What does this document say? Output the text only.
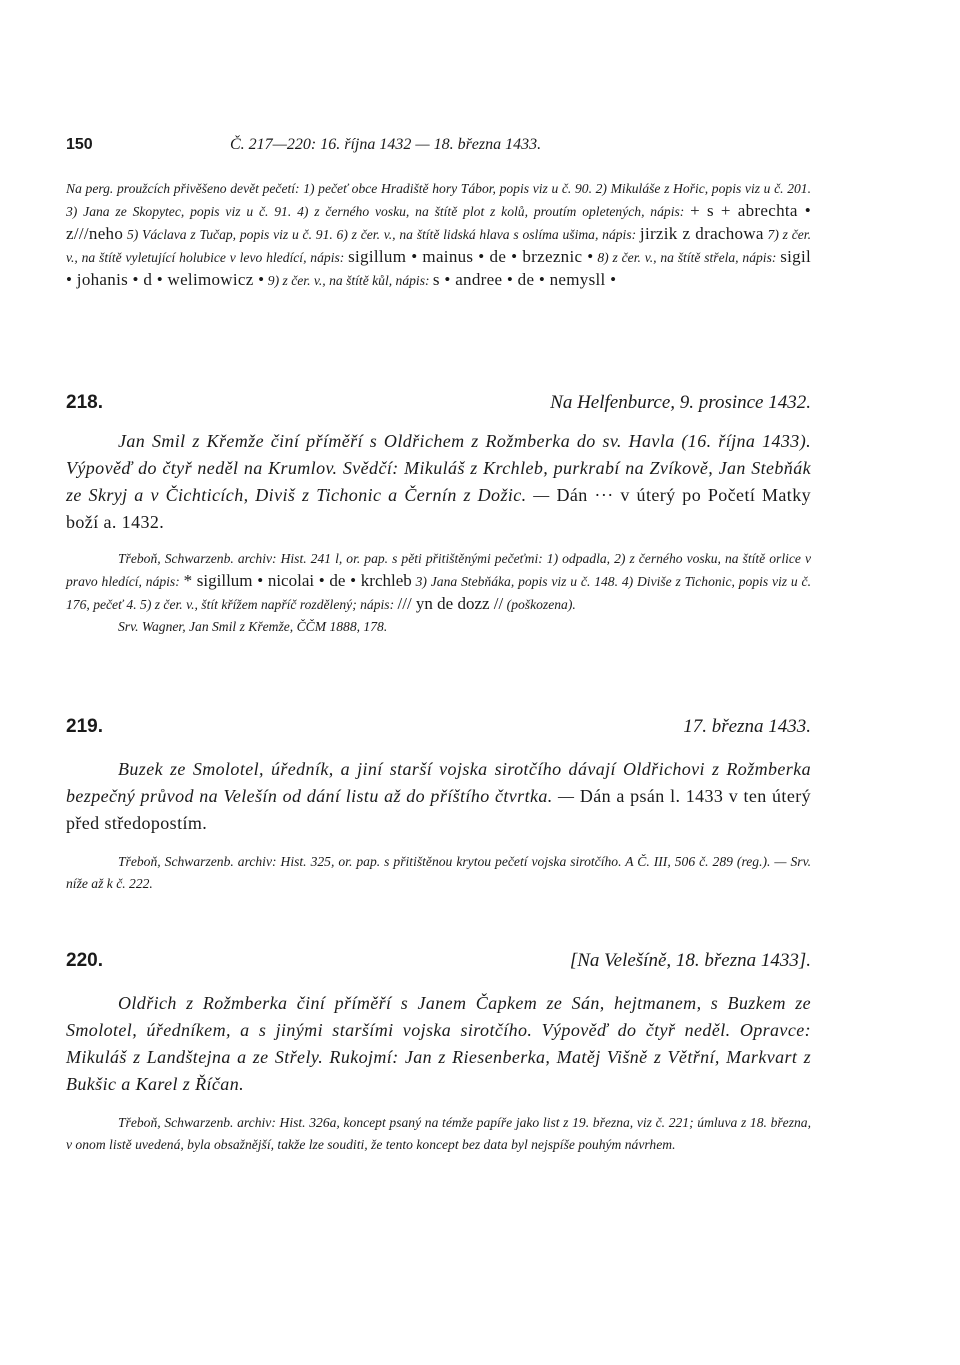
150	Č. 217—220: 16. října 1432 — 18. března 1433.
Na perg. proužcích přivěšeno devět pečetí: 1) pečeť obce Hradiště hory Tábor, popis viz u č. 90. 2) Mikuláše z Hořic, popis viz u č. 201. 3) Jana ze Skopytec, popis viz u č. 91. 4) z černého vosku, na štítě plot z kolů, proutím opletených, nápis: + s + abrechta • z///neho 5) Václava z Tučap, popis viz u č. 91. 6) z čer. v., na štítě lidská hlava s oslíma ušima, nápis: jirzik z drachowa 7) z čer. v., na štítě vyletující holubice v levo hledící, nápis: sigillum • mainus • de • brzeznic • 8) z čer. v., na štítě střela, nápis: sigil • johanis • d • welimowicz • 9) z čer. v., na štítě kůl, nápis: s • andree • de • nemysll •
218.	Na Helfenburce, 9. prosince 1432.

Jan Smil z Křemže činí příměří s Oldřichem z Rožmberka do sv. Havla (16. října 1433). Výpověď do čtyř neděl na Krumlov. Svědčí: Mikuláš z Krchleb, purkrabí na Zvíkově, Jan Stebňák ze Skryj a v Čichticích, Diviš z Tichonic a Černín z Dožic. — Dán ··· v úterý po Početí Matky boží a. 1432.

Třeboň, Schwarzenb. archiv: Hist. 241 l, or. pap. s pěti přitištěnými pečeťmi: 1) odpadla, 2) z černého vosku, na štítě orlice v pravo hledící, nápis: * sigillum • nicolai • de • krchleb 3) Jana Stebňáka, popis viz u č. 148. 4) Diviše z Tichonic, popis viz u č. 176, pečeť 4. 5) z čer. v., štít křížem napříč rozdělený; nápis: /// yn de dozz // (poškozena).

Srv. Wagner, Jan Smil z Křemže, ČČM 1888, 178.

219.	17. března 1433.

Buzek ze Smolotel, úředník, a jiní starší vojska sirotčího dávají Oldřichovi z Rožmberka bezpečný průvod na Velešín od dání listu až do příštího čtvrtka. — Dán a psán l. 1433 v ten úterý před středopostím.

Třeboň, Schwarzenb. archiv: Hist. 325, or. pap. s přitištěnou krytou pečetí vojska sirotčího. A Č. III, 506 č. 289 (reg.). — Srv. níže až k č. 222.

220.	[Na Velešíně, 18. března 1433].

Oldřich z Rožmberka činí příměří s Janem Čapkem ze Sán, hejtmanem, s Buzkem ze Smolotel, úředníkem, a s jinými staršími vojska sirotčího. Výpověď do čtyř neděl. Opravce: Mikuláš z Landštejna a ze Střely. Rukojmí: Jan z Riesenberka, Matěj Višně z Větřní, Markvart z Bukšic a Karel z Říčan.

Třeboň, Schwarzenb. archiv: Hist. 326a, koncept psaný na témže papíře jako list z 19. března, viz č. 221; úmluva z 18. března, v onom listě uvedená, byla obsažnější, takže lze souditi, že tento koncept bez data byl nejspíše pouhým návrhem.
